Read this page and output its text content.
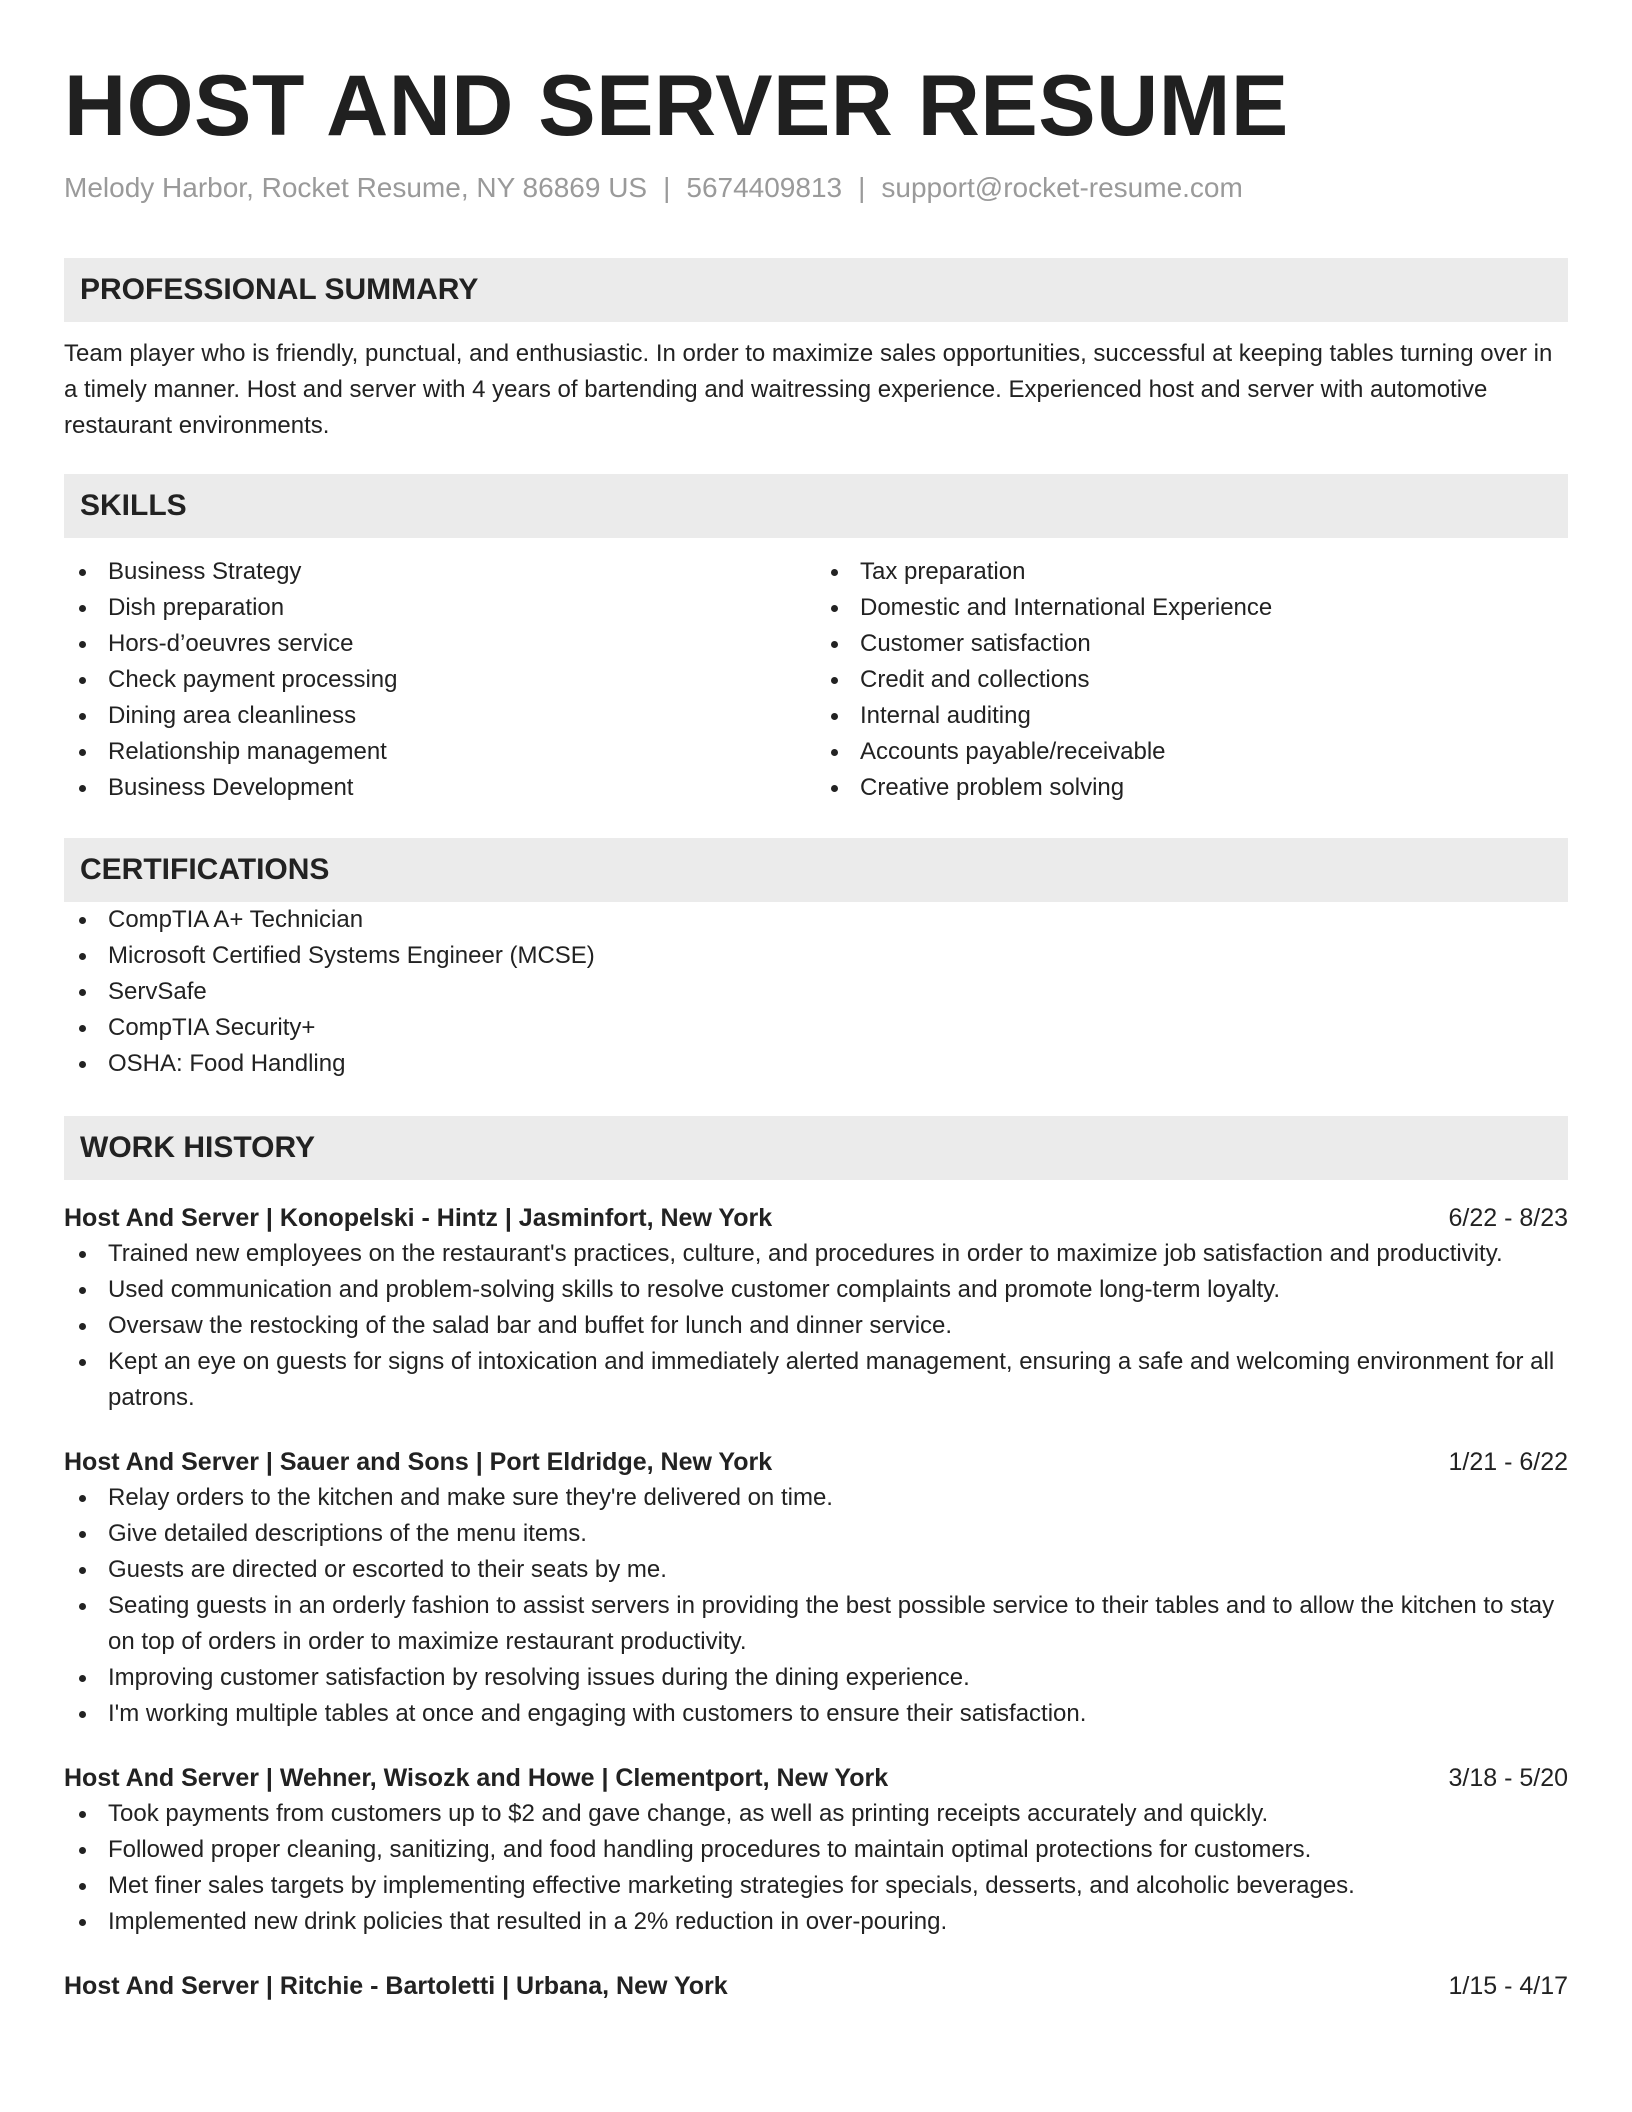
HOST AND SERVER RESUME
Melody Harbor, Rocket Resume, NY 86869 US | 5674409813 | support@rocket-resume.com
PROFESSIONAL SUMMARY
Team player who is friendly, punctual, and enthusiastic. In order to maximize sales opportunities, successful at keeping tables turning over in a timely manner. Host and server with 4 years of bartending and waitressing experience. Experienced host and server with automotive restaurant environments.
SKILLS
Business Strategy
Dish preparation
Hors-d’oeuvres service
Check payment processing
Dining area cleanliness
Relationship management
Business Development
Tax preparation
Domestic and International Experience
Customer satisfaction
Credit and collections
Internal auditing
Accounts payable/receivable
Creative problem solving
CERTIFICATIONS
CompTIA A+ Technician
Microsoft Certified Systems Engineer (MCSE)
ServSafe
CompTIA Security+
OSHA: Food Handling
WORK HISTORY
Host And Server | Konopelski - Hintz | Jasminfort, New York	6/22 - 8/23
Trained new employees on the restaurant's practices, culture, and procedures in order to maximize job satisfaction and productivity.
Used communication and problem-solving skills to resolve customer complaints and promote long-term loyalty.
Oversaw the restocking of the salad bar and buffet for lunch and dinner service.
Kept an eye on guests for signs of intoxication and immediately alerted management, ensuring a safe and welcoming environment for all patrons.
Host And Server | Sauer and Sons | Port Eldridge, New York	1/21 - 6/22
Relay orders to the kitchen and make sure they're delivered on time.
Give detailed descriptions of the menu items.
Guests are directed or escorted to their seats by me.
Seating guests in an orderly fashion to assist servers in providing the best possible service to their tables and to allow the kitchen to stay on top of orders in order to maximize restaurant productivity.
Improving customer satisfaction by resolving issues during the dining experience.
I'm working multiple tables at once and engaging with customers to ensure their satisfaction.
Host And Server | Wehner, Wisozk and Howe | Clementport, New York	3/18 - 5/20
Took payments from customers up to $2 and gave change, as well as printing receipts accurately and quickly.
Followed proper cleaning, sanitizing, and food handling procedures to maintain optimal protections for customers.
Met finer sales targets by implementing effective marketing strategies for specials, desserts, and alcoholic beverages.
Implemented new drink policies that resulted in a 2% reduction in over-pouring.
Host And Server | Ritchie - Bartoletti | Urbana, New York	1/15 - 4/17
